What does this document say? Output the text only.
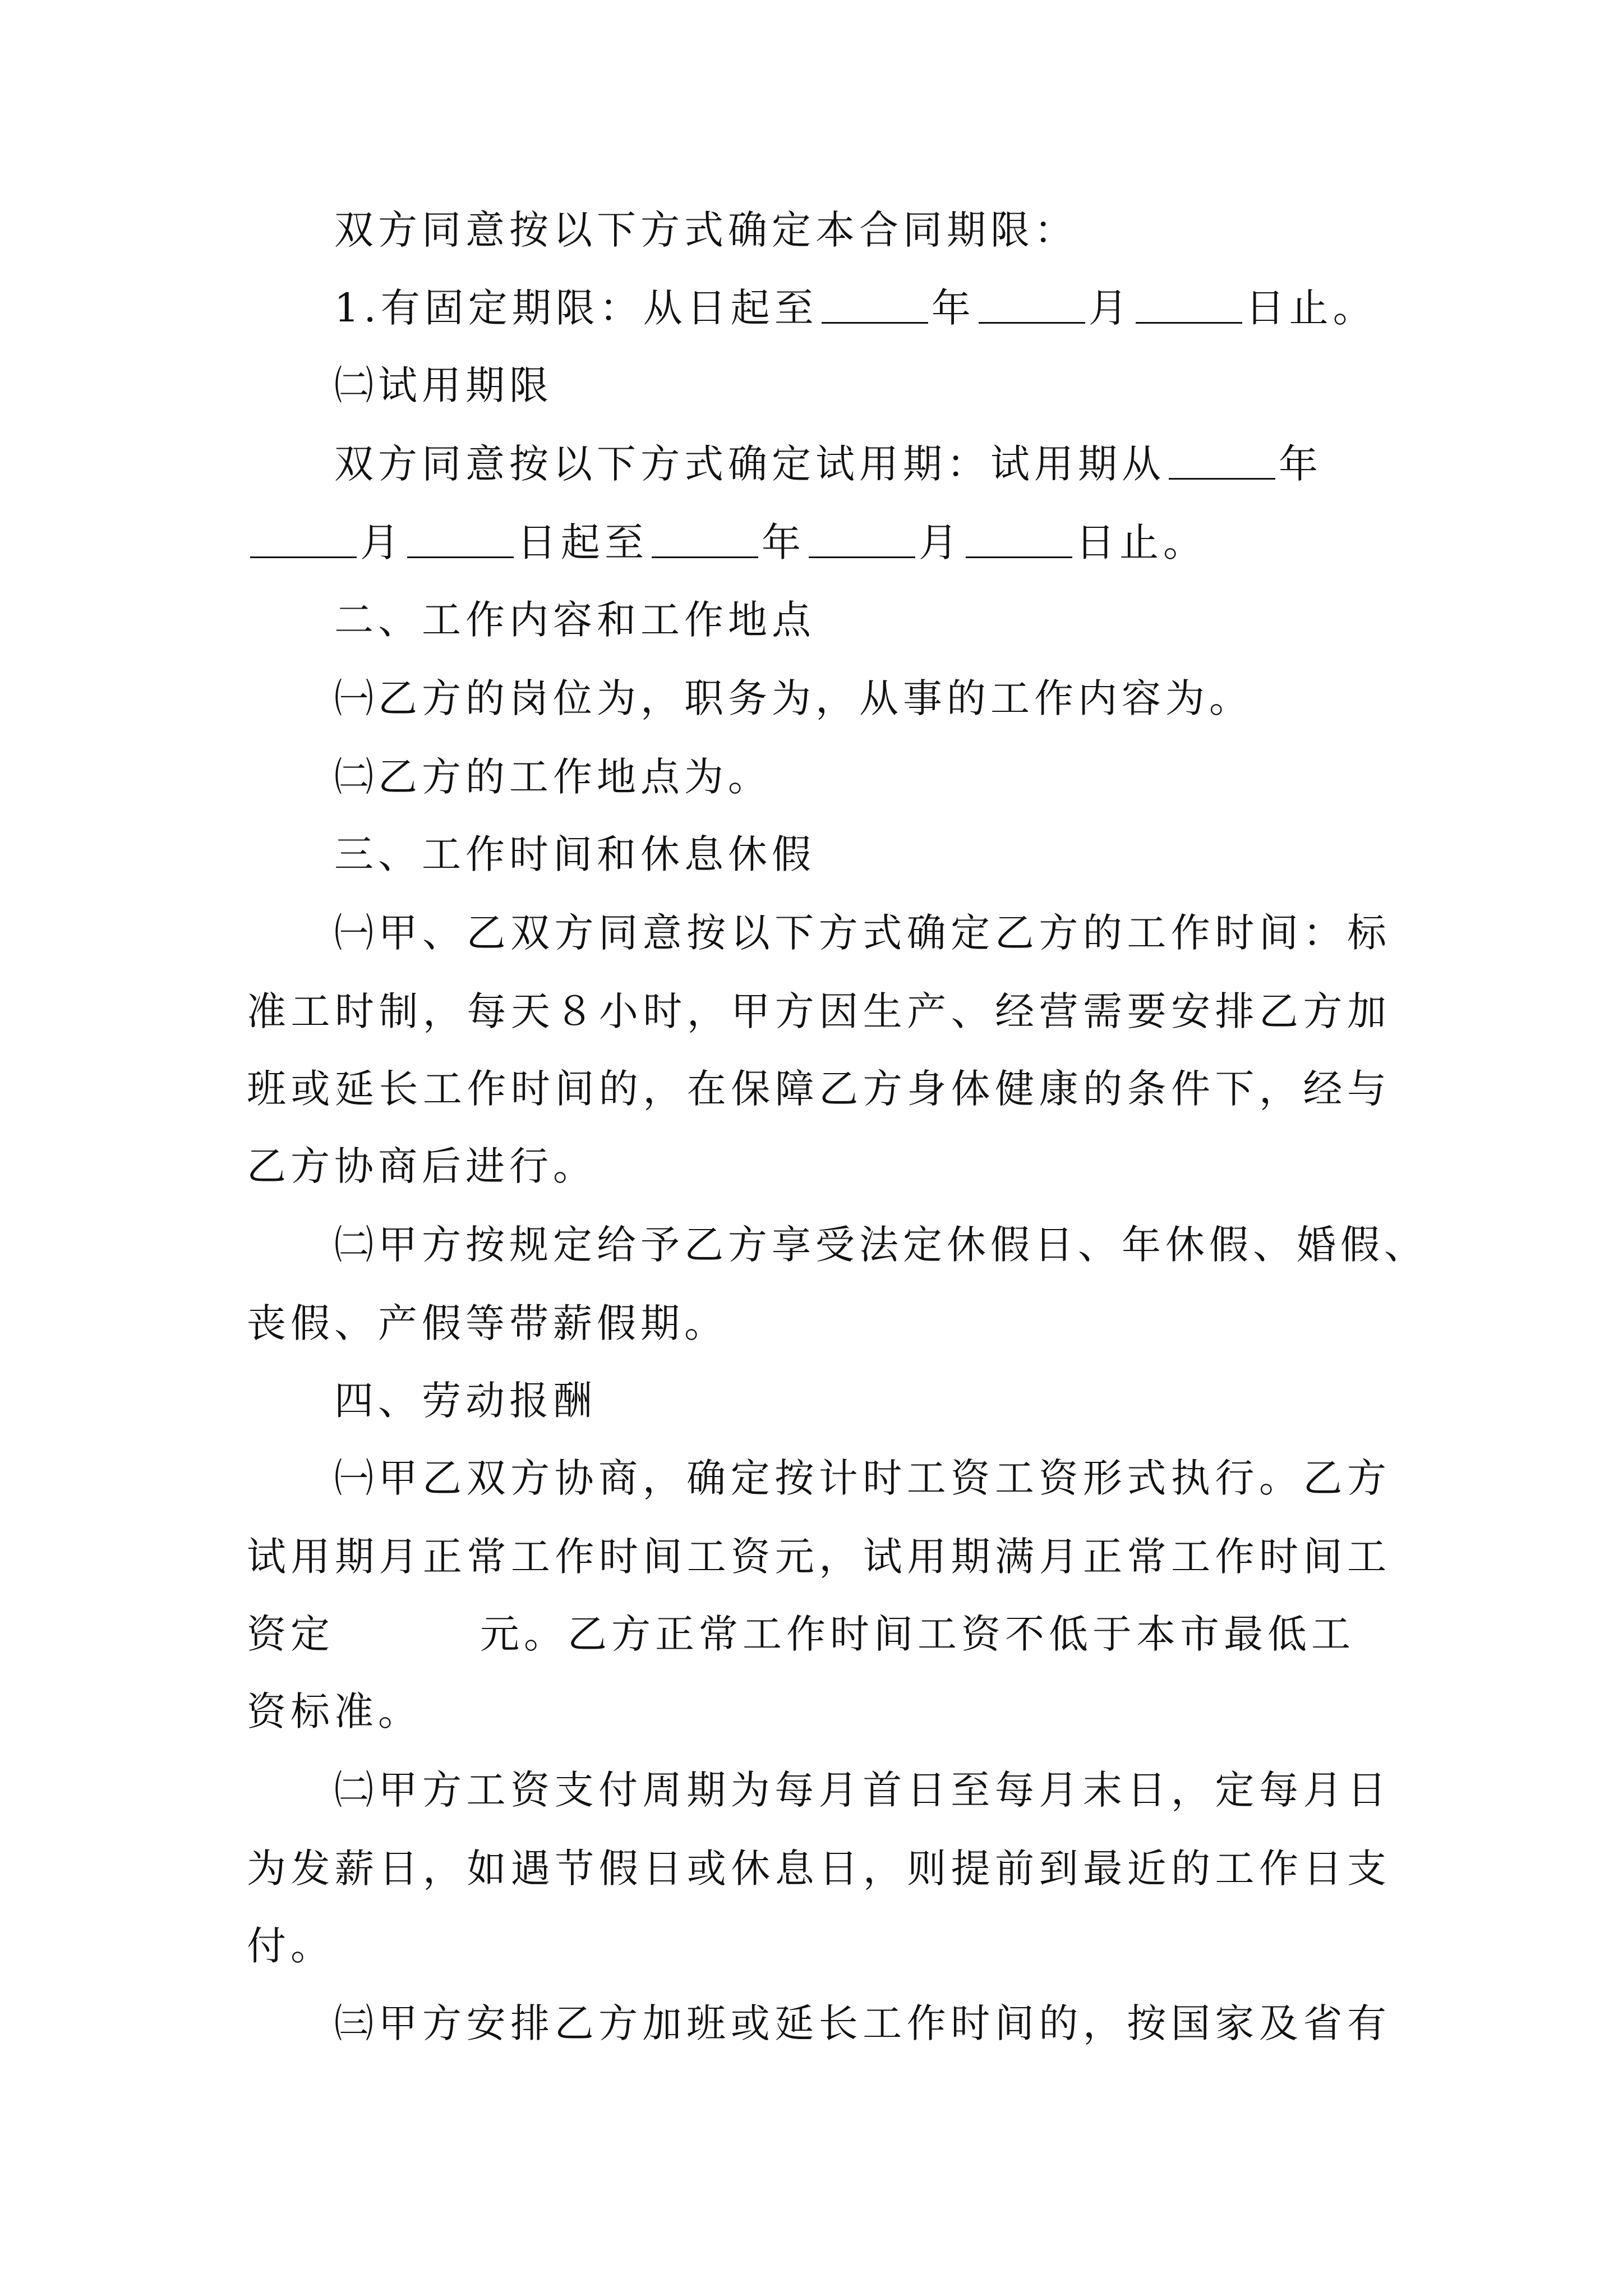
双方同意按以下方式确定本合同期限：
1.有固定期限：从日起至	年	月	日止。
㈡试用期限
双方同意按以下方式确定试用期：试用期从	年
月	日起至	年	月	日止。
二、工作内容和工作地点
㈠乙方的岗位为，职务为，从事的工作内容为。
㈡乙方的工作地点为。
三、工作时间和休息休假
㈠甲、乙双方同意按以下方式确定乙方的工作时间：标
准工时制，每天８小时，甲方因生产、经营需要安排乙方加
班或延长工作时间的，在保障乙方身体健康的条件下，经与
乙方协商后进行。
㈡甲方按规定给予乙方享受法定休假日、年休假、婚假、
丧假、产假等带薪假期。
四、劳动报酬
㈠甲乙双方协商，确定按计时工资工资形式执行。乙方
试用期月正常工作时间工资元，试用期满月正常工作时间工
资定	元。乙方正常工作时间工资不低于本市最低工
资标准。
㈡甲方工资支付周期为每月首日至每月末日，定每月日
为发薪日，如遇节假日或休息日，则提前到最近的工作日支
付。
㈢甲方安排乙方加班或延长工作时间的，按国家及省有
